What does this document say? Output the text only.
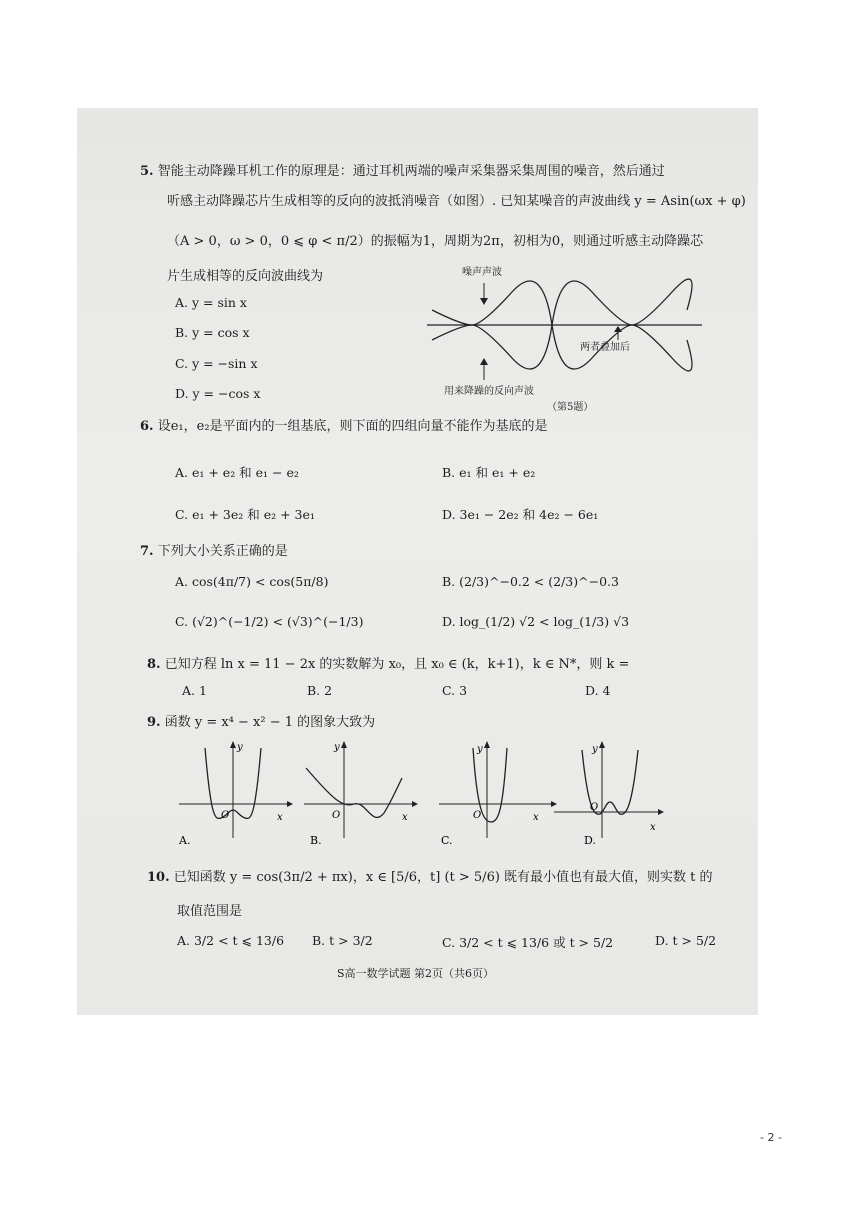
5. 智能主动降躁耳机工作的原理是：通过耳机两端的噪声采集器采集周围的噪音，然后通过
听感主动降躁芯片生成相等的反向的波抵消噪音（如图）. 已知某噪音的声波曲线 y = Asin(ωx + φ)
（A > 0，ω > 0，0 ⩽ φ < π/2）的振幅为1，周期为2π，初相为0，则通过听感主动降躁芯
片生成相等的反向波曲线为
A. y = sin x
B. y = cos x
C. y = −sin x
D. y = −cos x
噪声声波
两者叠加后
用来降躁的反向声波
（第5题）
6. 设e₁，e₂是平面内的一组基底，则下面的四组向量不能作为基底的是
A. e₁ + e₂ 和 e₁ − e₂	B. e₁ 和 e₁ + e₂
C. e₁ + 3e₂ 和 e₂ + 3e₁	D. 3e₁ − 2e₂ 和 4e₂ − 6e₁
7. 下列大小关系正确的是
A. cos(4π/7) < cos(5π/8)	B. (2/3)^−0.2 < (2/3)^−0.3
C. (√2)^(−1/2) < (√3)^(−1/3)	D. log_(1/2) √2 < log_(1/3) √3
8. 已知方程 ln x = 11 − 2x 的实数解为 x₀，且 x₀ ∈ (k，k+1)，k ∈ N*，则 k =
A. 1	B. 2	C. 3	D. 4
9. 函数 y = x⁴ − x² − 1 的图象大致为
y
x
O
A.
y
x
O
B.
y
x
O
C.
y
x
O
D.
10. 已知函数 y = cos(3π/2 + πx)，x ∈ [5/6，t] (t > 5/6) 既有最小值也有最大值，则实数 t 的
取值范围是
A. 3/2 < t ⩽ 13/6 B. t > 3/2	C. 3/2 < t ⩽ 13/6 或 t > 5/2	D. t > 5/2
S高一数学试题 第2页（共6页）
- 2 -
